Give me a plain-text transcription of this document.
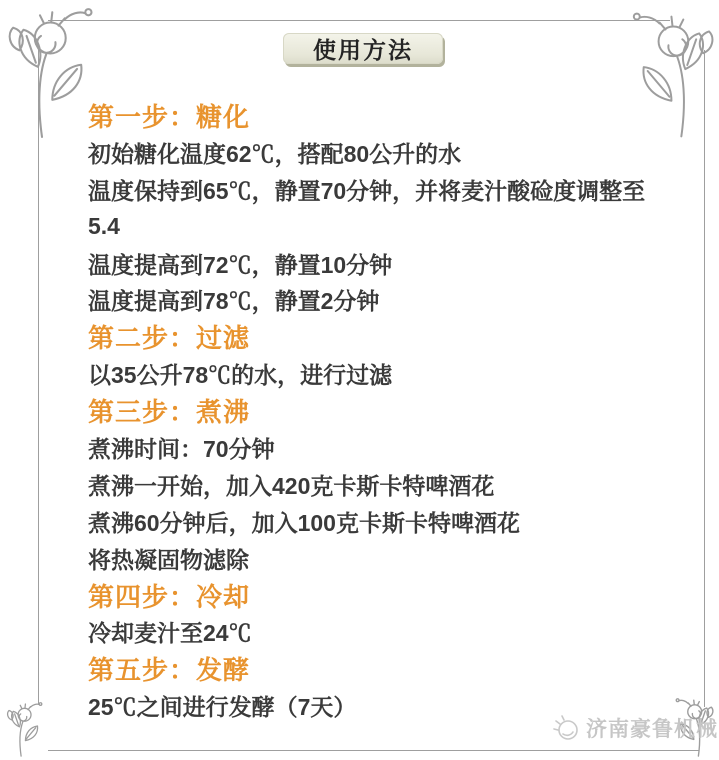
使用方法
第一步：糖化
初始糖化温度62℃，搭配80公升的水
温度保持到65℃，静置70分钟，并将麦汁酸硷度调整至
5.4
温度提高到72℃，静置10分钟
温度提高到78℃，静置2分钟
第二步：过滤
以35公升78℃的水，进行过滤
第三步：煮沸
煮沸时间：70分钟
煮沸一开始，加入420克卡斯卡特啤酒花
煮沸60分钟后，加入100克卡斯卡特啤酒花
将热凝固物滤除
第四步：冷却
冷却麦汁至24℃
第五步：发酵
25℃之间进行发酵（7天）
济南豪鲁机械
